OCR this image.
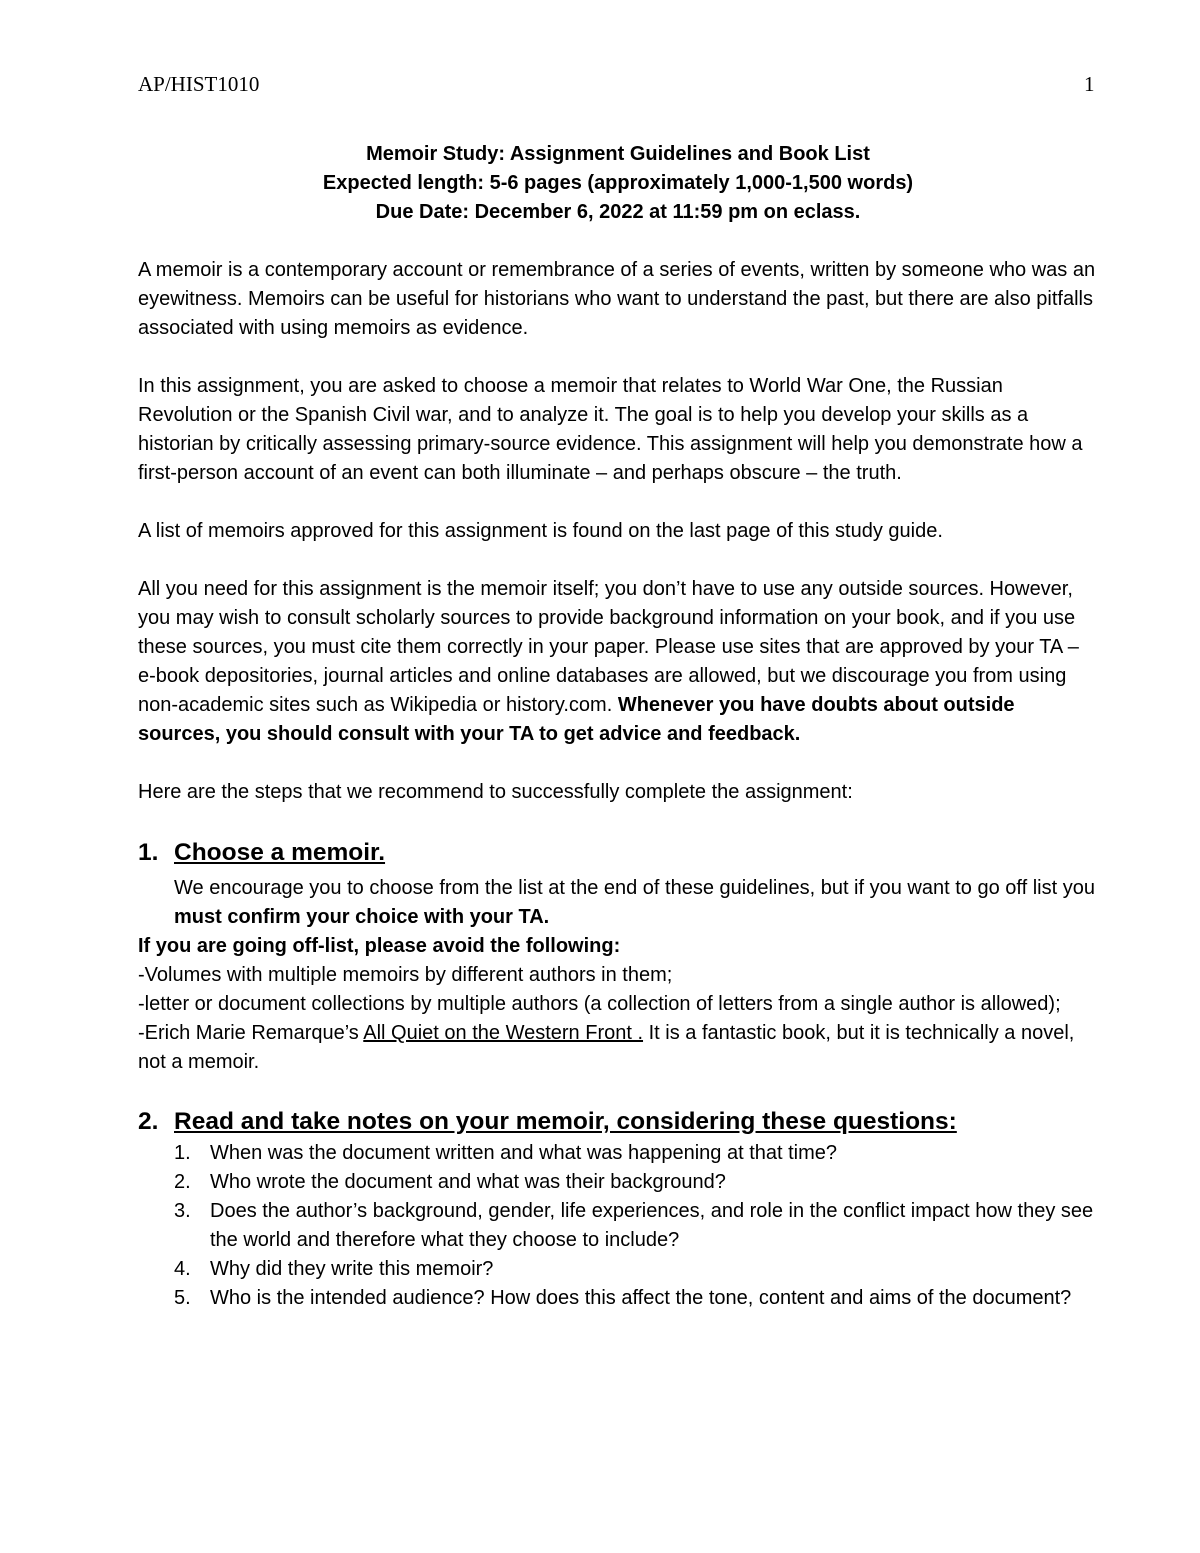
AP/HIST1010	1
Memoir Study: Assignment Guidelines and Book List
Expected length: 5-6 pages (approximately 1,000-1,500 words)
Due Date: December 6, 2022 at 11:59 pm on eclass.

A memoir is a contemporary account or remembrance of a series of events, written by someone who was an eyewitness. Memoirs can be useful for historians who want to understand the past, but there are also pitfalls associated with using memoirs as evidence.

In this assignment, you are asked to choose a memoir that relates to World War One, the Russian Revolution or the Spanish Civil war, and to analyze it. The goal is to help you develop your skills as a historian by critically assessing primary-source evidence. This assignment will help you demonstrate how a first-person account of an event can both illuminate – and perhaps obscure – the truth.

A list of memoirs approved for this assignment is found on the last page of this study guide.

All you need for this assignment is the memoir itself; you don’t have to use any outside sources. However, you may wish to consult scholarly sources to provide background information on your book, and if you use these sources, you must cite them correctly in your paper. Please use sites that are approved by your TA – e-book depositories, journal articles and online databases are allowed, but we discourage you from using non-academic sites such as Wikipedia or history.com. Whenever you have doubts about outside sources, you should consult with your TA to get advice and feedback.

Here are the steps that we recommend to successfully complete the assignment:

1. Choose a memoir.
We encourage you to choose from the list at the end of these guidelines, but if you want to go off list you must confirm your choice with your TA.
If you are going off-list, please avoid the following:
-Volumes with multiple memoirs by different authors in them;
-letter or document collections by multiple authors (a collection of letters from a single author is allowed);
-Erich Marie Remarque’s All Quiet on the Western Front . It is a fantastic book, but it is technically a novel, not a memoir.
2. Read and take notes on your memoir, considering these questions:
1. When was the document written and what was happening at that time?
2. Who wrote the document and what was their background?
3. Does the author’s background, gender, life experiences, and role in the conflict impact how they see the world and therefore what they choose to include?
4. Why did they write this memoir?
5. Who is the intended audience? How does this affect the tone, content and aims of the document?
